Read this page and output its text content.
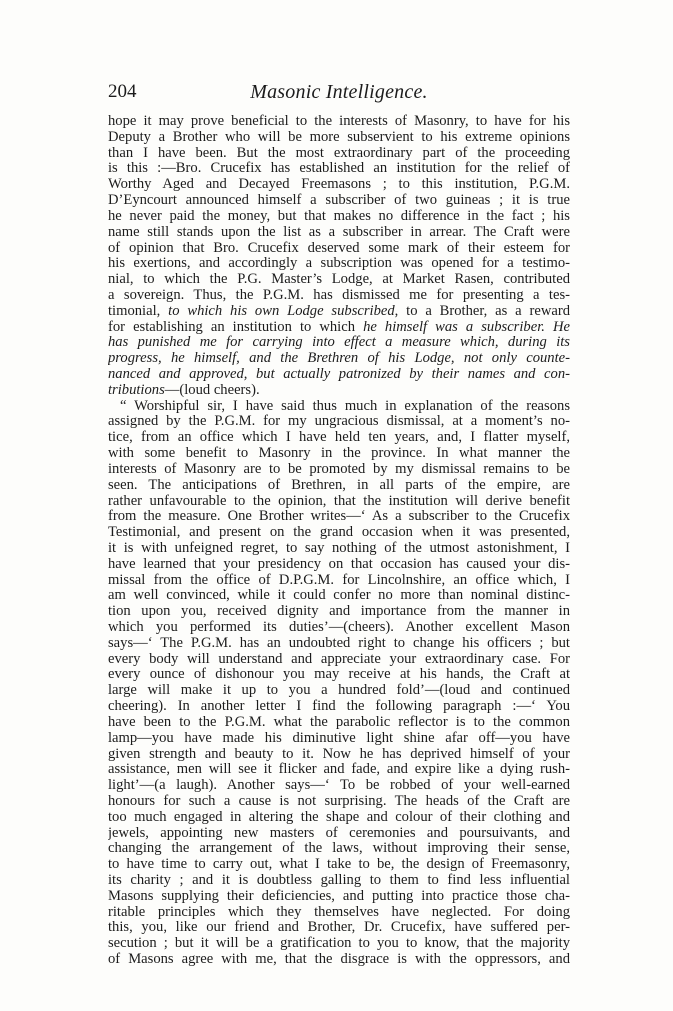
204	Masonic Intelligence.
hope it may prove beneficial to the interests of Masonry, to have for his
Deputy a Brother who will be more subservient to his extreme opinions
than I have been. But the most extraordinary part of the proceeding
is this :—Bro. Crucefix has established an institution for the relief of
Worthy Aged and Decayed Freemasons ; to this institution, P.G.M.
D’Eyncourt announced himself a subscriber of two guineas ; it is true
he never paid the money, but that makes no difference in the fact ; his
name still stands upon the list as a subscriber in arrear. The Craft were
of opinion that Bro. Crucefix deserved some mark of their esteem for
his exertions, and accordingly a subscription was opened for a testimo-
nial, to which the P.G. Master’s Lodge, at Market Rasen, contributed
a sovereign. Thus, the P.G.M. has dismissed me for presenting a tes-
timonial, to which his own Lodge subscribed, to a Brother, as a reward
for establishing an institution to which he himself was a subscriber. He
has punished me for carrying into effect a measure which, during its
progress, he himself, and the Brethren of his Lodge, not only counte-
nanced and approved, but actually patronized by their names and con-
tributions—(loud cheers).
“ Worshipful sir, I have said thus much in explanation of the reasons
assigned by the P.G.M. for my ungracious dismissal, at a moment’s no-
tice, from an office which I have held ten years, and, I flatter myself,
with some benefit to Masonry in the province. In what manner the
interests of Masonry are to be promoted by my dismissal remains to be
seen. The anticipations of Brethren, in all parts of the empire, are
rather unfavourable to the opinion, that the institution will derive benefit
from the measure. One Brother writes—‘ As a subscriber to the Crucefix
Testimonial, and present on the grand occasion when it was presented,
it is with unfeigned regret, to say nothing of the utmost astonishment, I
have learned that your presidency on that occasion has caused your dis-
missal from the office of D.P.G.M. for Lincolnshire, an office which, I
am well convinced, while it could confer no more than nominal distinc-
tion upon you, received dignity and importance from the manner in
which you performed its duties’—(cheers). Another excellent Mason
says—‘ The P.G.M. has an undoubted right to change his officers ; but
every body will understand and appreciate your extraordinary case. For
every ounce of dishonour you may receive at his hands, the Craft at
large will make it up to you a hundred fold’—(loud and continued
cheering). In another letter I find the following paragraph :—‘ You
have been to the P.G.M. what the parabolic reflector is to the common
lamp—you have made his diminutive light shine afar off—you have
given strength and beauty to it. Now he has deprived himself of your
assistance, men will see it flicker and fade, and expire like a dying rush-
light’—(a laugh). Another says—‘ To be robbed of your well-earned
honours for such a cause is not surprising. The heads of the Craft are
too much engaged in altering the shape and colour of their clothing and
jewels, appointing new masters of ceremonies and poursuivants, and
changing the arrangement of the laws, without improving their sense,
to have time to carry out, what I take to be, the design of Freemasonry,
its charity ; and it is doubtless galling to them to find less influential
Masons supplying their deficiencies, and putting into practice those cha-
ritable principles which they themselves have neglected. For doing
this, you, like our friend and Brother, Dr. Crucefix, have suffered per-
secution ; but it will be a gratification to you to know, that the majority
of Masons agree with me, that the disgrace is with the oppressors, and
